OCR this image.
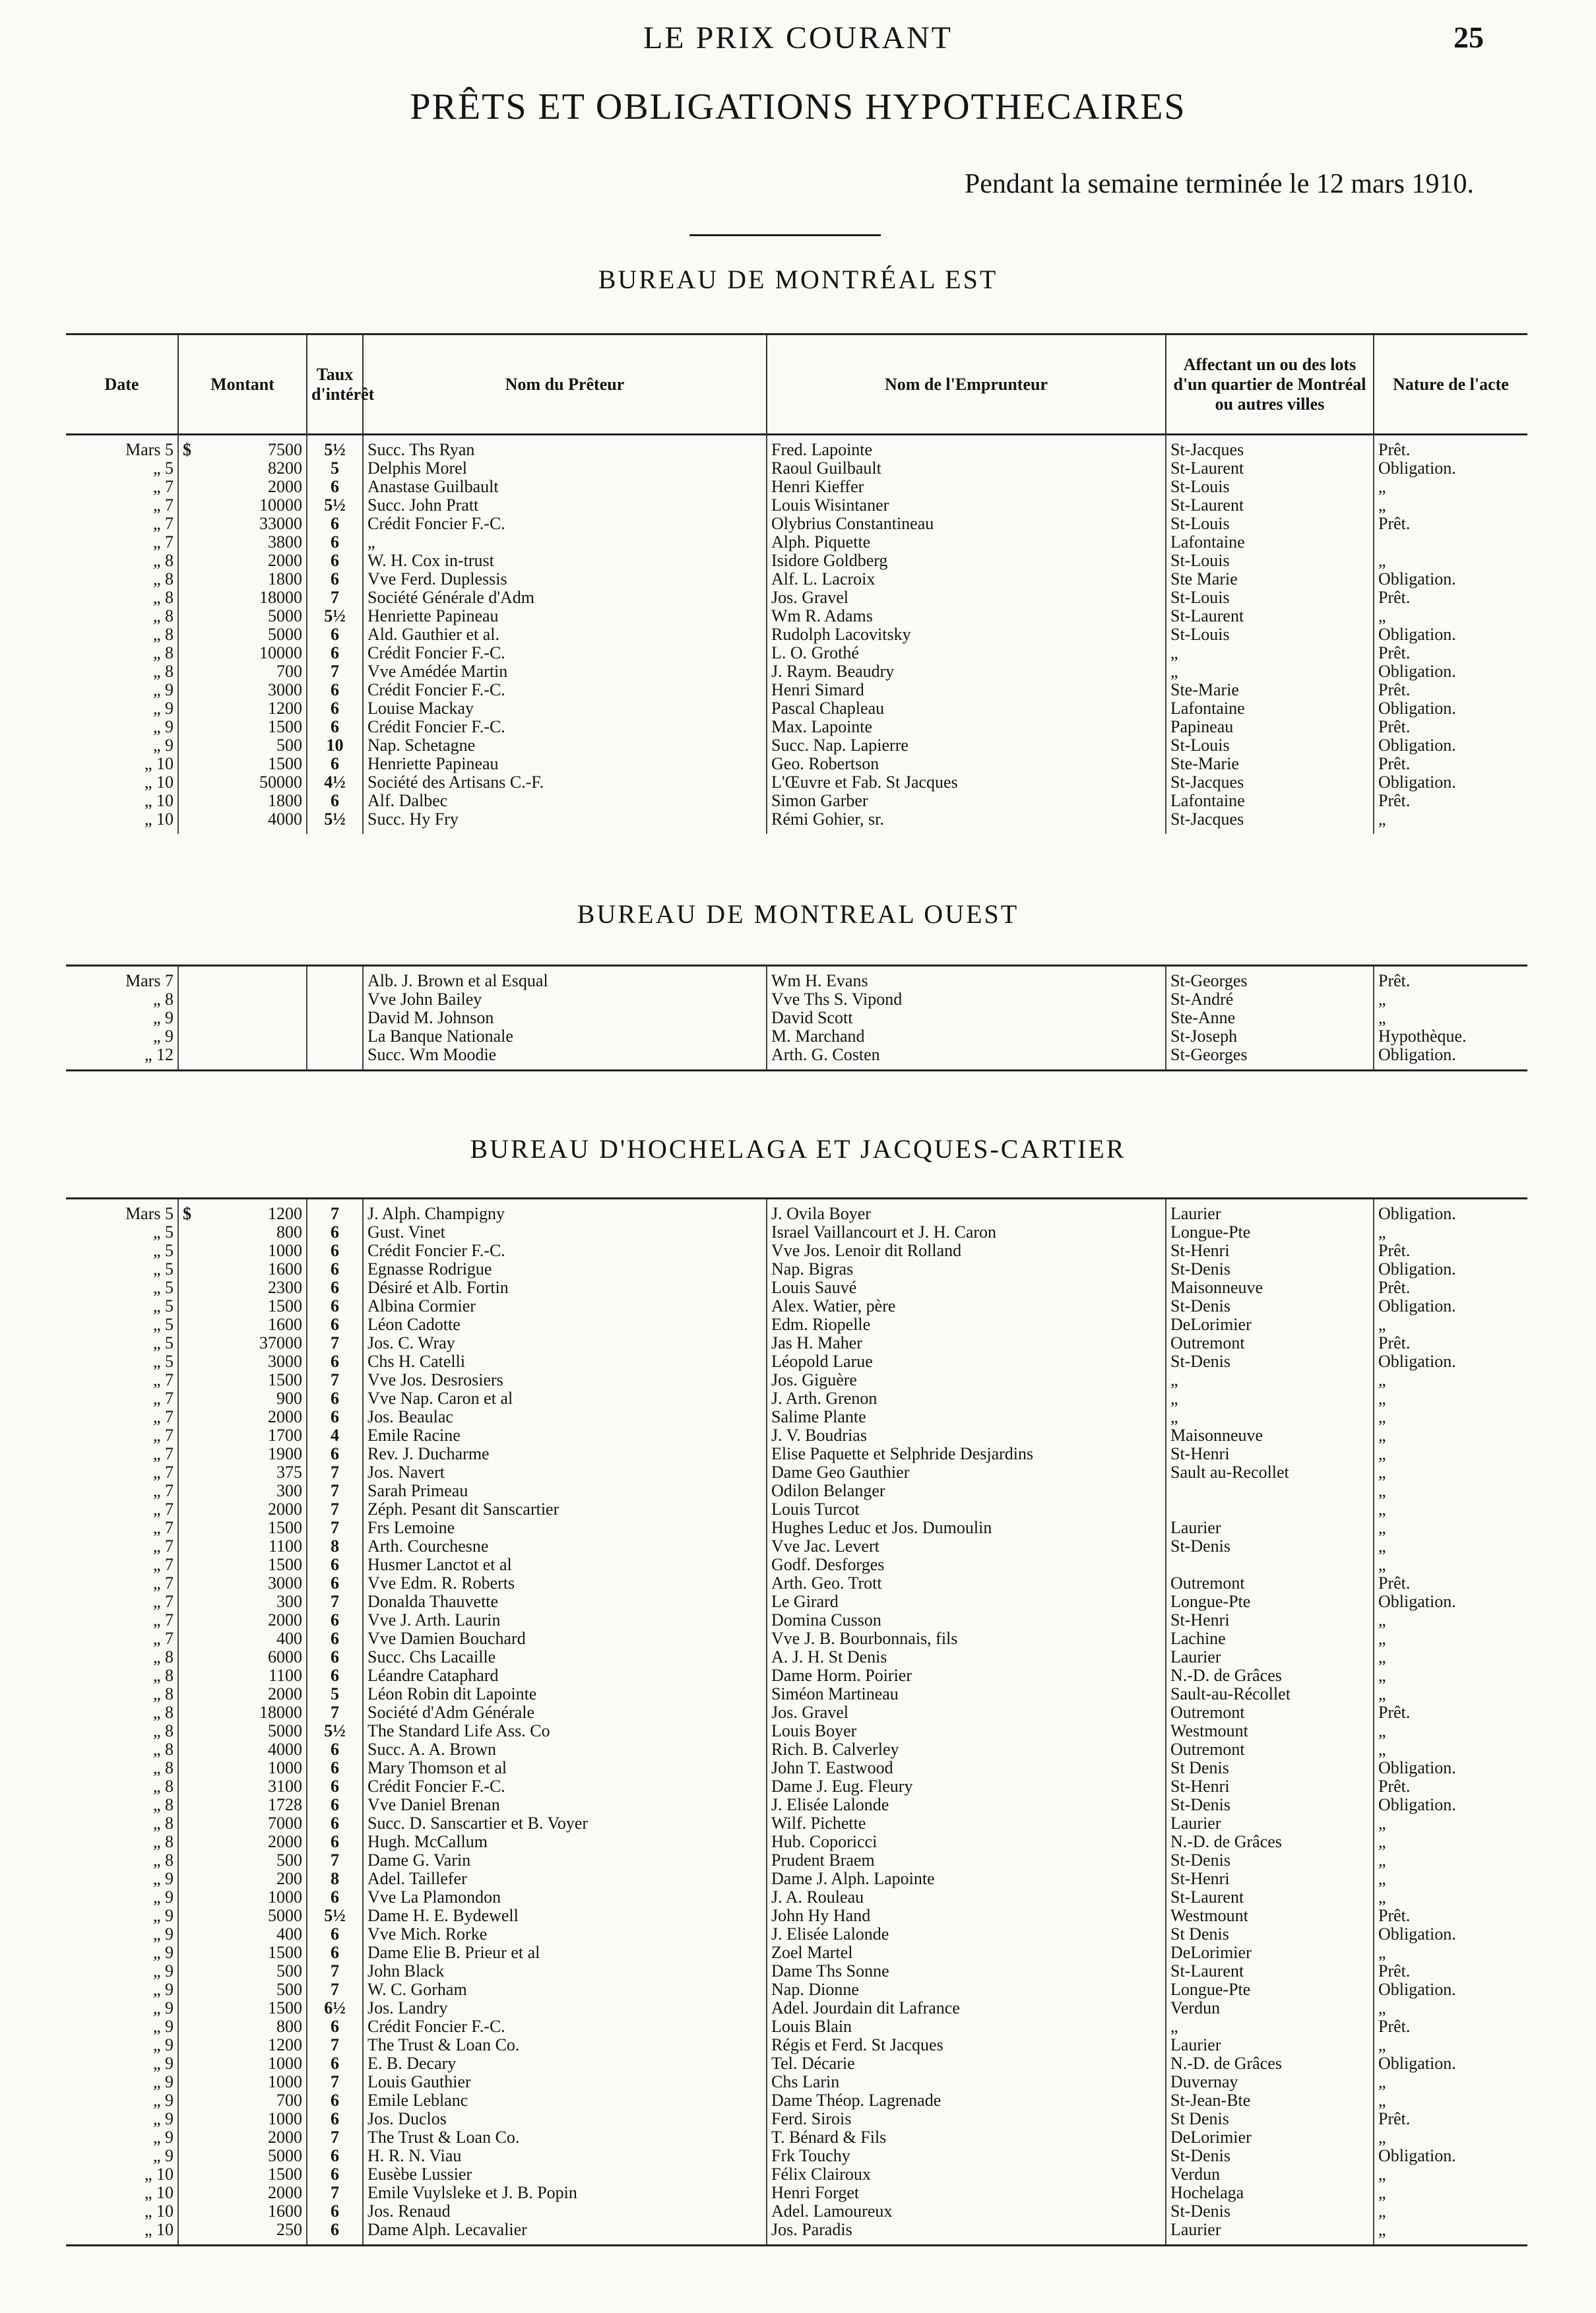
LE PRIX COURANT	25
PRÊTS ET OBLIGATIONS HYPOTHECAIRES
Pendant la semaine terminée le 12 mars 1910.
BUREAU DE MONTRÉAL EST
Date	Montant	Taux d'intérêt	Nom du Prêteur	Nom de l'Emprunteur	Affectant un ou des lots d'un quartier de Montréal ou autres villes	Nature de l'acte
Mars 5	$ 7500	5½	Succ. Ths Ryan	Fred. Lapointe	St-Jacques	Prêt.
„ 5	8200	5	Delphis Morel	Raoul Guilbault	St-Laurent	Obligation.
„ 7	2000	6	Anastase Guilbault	Henri Kieffer	St-Louis	„
„ 7	10000	5½	Succ. John Pratt	Louis Wisintaner	St-Laurent	„
„ 7	33000	6	Crédit Foncier F.-C.	Olybrius Constantineau	St-Louis	Prêt.
„ 7	3800	6	„	Alph. Piquette	Lafontaine	
„ 8	2000	6	W. H. Cox in-trust	Isidore Goldberg	St-Louis	„
„ 8	1800	6	Vve Ferd. Duplessis	Alf. L. Lacroix	Ste Marie	Obligation.
„ 8	18000	7	Société Générale d'Adm	Jos. Gravel	St-Louis	Prêt.
„ 8	5000	5½	Henriette Papineau	Wm R. Adams	St-Laurent	„
„ 8	5000	6	Ald. Gauthier et al.	Rudolph Lacovitsky	St-Louis	Obligation.
„ 8	10000	6	Crédit Foncier F.-C.	L. O. Grothé	„	Prêt.
„ 8	700	7	Vve Amédée Martin	J. Raym. Beaudry	„	Obligation.
„ 9	3000	6	Crédit Foncier F.-C.	Henri Simard	Ste-Marie	Prêt.
„ 9	1200	6	Louise Mackay	Pascal Chapleau	Lafontaine	Obligation.
„ 9	1500	6	Crédit Foncier F.-C.	Max. Lapointe	Papineau	Prêt.
„ 9	500	10	Nap. Schetagne	Succ. Nap. Lapierre	St-Louis	Obligation.
„ 10	1500	6	Henriette Papineau	Geo. Robertson	Ste-Marie	Prêt.
„ 10	50000	4½	Société des Artisans C.-F.	L'Œuvre et Fab. St Jacques	St-Jacques	Obligation.
„ 10	1800	6	Alf. Dalbec	Simon Garber	Lafontaine	Prêt.
„ 10	4000	5½	Succ. Hy Fry	Rémi Gohier, sr.	St-Jacques	„
BUREAU DE MONTREAL OUEST
Mars 7			Alb. J. Brown et al Esqual	Wm H. Evans	St-Georges	Prêt.
„ 8			Vve John Bailey	Vve Ths S. Vipond	St-André	„
„ 9			David M. Johnson	David Scott	Ste-Anne	„
„ 9			La Banque Nationale	M. Marchand	St-Joseph	Hypothèque.
„ 12			Succ. Wm Moodie	Arth. G. Costen	St-Georges	Obligation.
BUREAU D'HOCHELAGA ET JACQUES-CARTIER
Mars 5	$ 1200	7	J. Alph. Champigny	J. Ovila Boyer	Laurier	Obligation.
„ 5	800	6	Gust. Vinet	Israel Vaillancourt et J. H. Caron	Longue-Pte	„
„ 5	1000	6	Crédit Foncier F.-C.	Vve Jos. Lenoir dit Rolland	St-Henri	Prêt.
„ 5	1600	6	Egnasse Rodrigue	Nap. Bigras	St-Denis	Obligation.
„ 5	2300	6	Désiré et Alb. Fortin	Louis Sauvé	Maisonneuve	Prêt.
„ 5	1500	6	Albina Cormier	Alex. Watier, père	St-Denis	Obligation.
„ 5	1600	6	Léon Cadotte	Edm. Riopelle	DeLorimier	„
„ 5	37000	7	Jos. C. Wray	Jas H. Maher	Outremont	Prêt.
„ 5	3000	6	Chs H. Catelli	Léopold Larue	St-Denis	Obligation.
„ 7	1500	7	Vve Jos. Desrosiers	Jos. Giguère	„	„
„ 7	900	6	Vve Nap. Caron et al	J. Arth. Grenon	„	„
„ 7	2000	6	Jos. Beaulac	Salime Plante	„	„
„ 7	1700	4	Emile Racine	J. V. Boudrias	Maisonneuve	„
„ 7	1900	6	Rev. J. Ducharme	Elise Paquette et Selphride Desjardins	St-Henri	„
„ 7	375	7	Jos. Navert	Dame Geo Gauthier	Sault au-Recollet	„
„ 7	300	7	Sarah Primeau	Odilon Belanger		„
„ 7	2000	7	Zéph. Pesant dit Sanscartier	Louis Turcot		„
„ 7	1500	7	Frs Lemoine	Hughes Leduc et Jos. Dumoulin	Laurier	„
„ 7	1100	8	Arth. Courchesne	Vve Jac. Levert	St-Denis	„
„ 7	1500	6	Husmer Lanctot et al	Godf. Desforges		„
„ 7	3000	6	Vve Edm. R. Roberts	Arth. Geo. Trott	Outremont	Prêt.
„ 7	300	7	Donalda Thauvette	Le Girard	Longue-Pte	Obligation.
„ 7	2000	6	Vve J. Arth. Laurin	Domina Cusson	St-Henri	„
„ 7	400	6	Vve Damien Bouchard	Vve J. B. Bourbonnais, fils	Lachine	„
„ 8	6000	6	Succ. Chs Lacaille	A. J. H. St Denis	Laurier	„
„ 8	1100	6	Léandre Cataphard	Dame Horm. Poirier	N.-D. de Grâces	„
„ 8	2000	5	Léon Robin dit Lapointe	Siméon Martineau	Sault-au-Récollet	„
„ 8	18000	7	Société d'Adm Générale	Jos. Gravel	Outremont	Prêt.
„ 8	5000	5½	The Standard Life Ass. Co	Louis Boyer	Westmount	„
„ 8	4000	6	Succ. A. A. Brown	Rich. B. Calverley	Outremont	„
„ 8	1000	6	Mary Thomson et al	John T. Eastwood	St Denis	Obligation.
„ 8	3100	6	Crédit Foncier F.-C.	Dame J. Eug. Fleury	St-Henri	Prêt.
„ 8	1728	6	Vve Daniel Brenan	J. Elisée Lalonde	St-Denis	Obligation.
„ 8	7000	6	Succ. D. Sanscartier et B. Voyer	Wilf. Pichette	Laurier	„
„ 8	2000	6	Hugh. McCallum	Hub. Coporicci	N.-D. de Grâces	„
„ 8	500	7	Dame G. Varin	Prudent Braem	St-Denis	„
„ 9	200	8	Adel. Taillefer	Dame J. Alph. Lapointe	St-Henri	„
„ 9	1000	6	Vve La Plamondon	J. A. Rouleau	St-Laurent	„
„ 9	5000	5½	Dame H. E. Bydewell	John Hy Hand	Westmount	Prêt.
„ 9	400	6	Vve Mich. Rorke	J. Elisée Lalonde	St Denis	Obligation.
„ 9	1500	6	Dame Elie B. Prieur et al	Zoel Martel	DeLorimier	„
„ 9	500	7	John Black	Dame Ths Sonne	St-Laurent	Prêt.
„ 9	500	7	W. C. Gorham	Nap. Dionne	Longue-Pte	Obligation.
„ 9	1500	6½	Jos. Landry	Adel. Jourdain dit Lafrance	Verdun	„
„ 9	800	6	Crédit Foncier F.-C.	Louis Blain	„	Prêt.
„ 9	1200	7	The Trust & Loan Co.	Régis et Ferd. St Jacques	Laurier	„
„ 9	1000	6	E. B. Decary	Tel. Décarie	N.-D. de Grâces	Obligation.
„ 9	1000	7	Louis Gauthier	Chs Larin	Duvernay	„
„ 9	700	6	Emile Leblanc	Dame Théop. Lagrenade	St-Jean-Bte	„
„ 9	1000	6	Jos. Duclos	Ferd. Sirois	St Denis	Prêt.
„ 9	2000	7	The Trust & Loan Co.	T. Bénard & Fils	DeLorimier	„
„ 9	5000	6	H. R. N. Viau	Frk Touchy	St-Denis	Obligation.
„ 10	1500	6	Eusèbe Lussier	Félix Clairoux	Verdun	„
„ 10	2000	7	Emile Vuylsleke et J. B. Popin	Henri Forget	Hochelaga	„
„ 10	1600	6	Jos. Renaud	Adel. Lamoureux	St-Denis	„
„ 10	250	6	Dame Alph. Lecavalier	Jos. Paradis	Laurier	„
